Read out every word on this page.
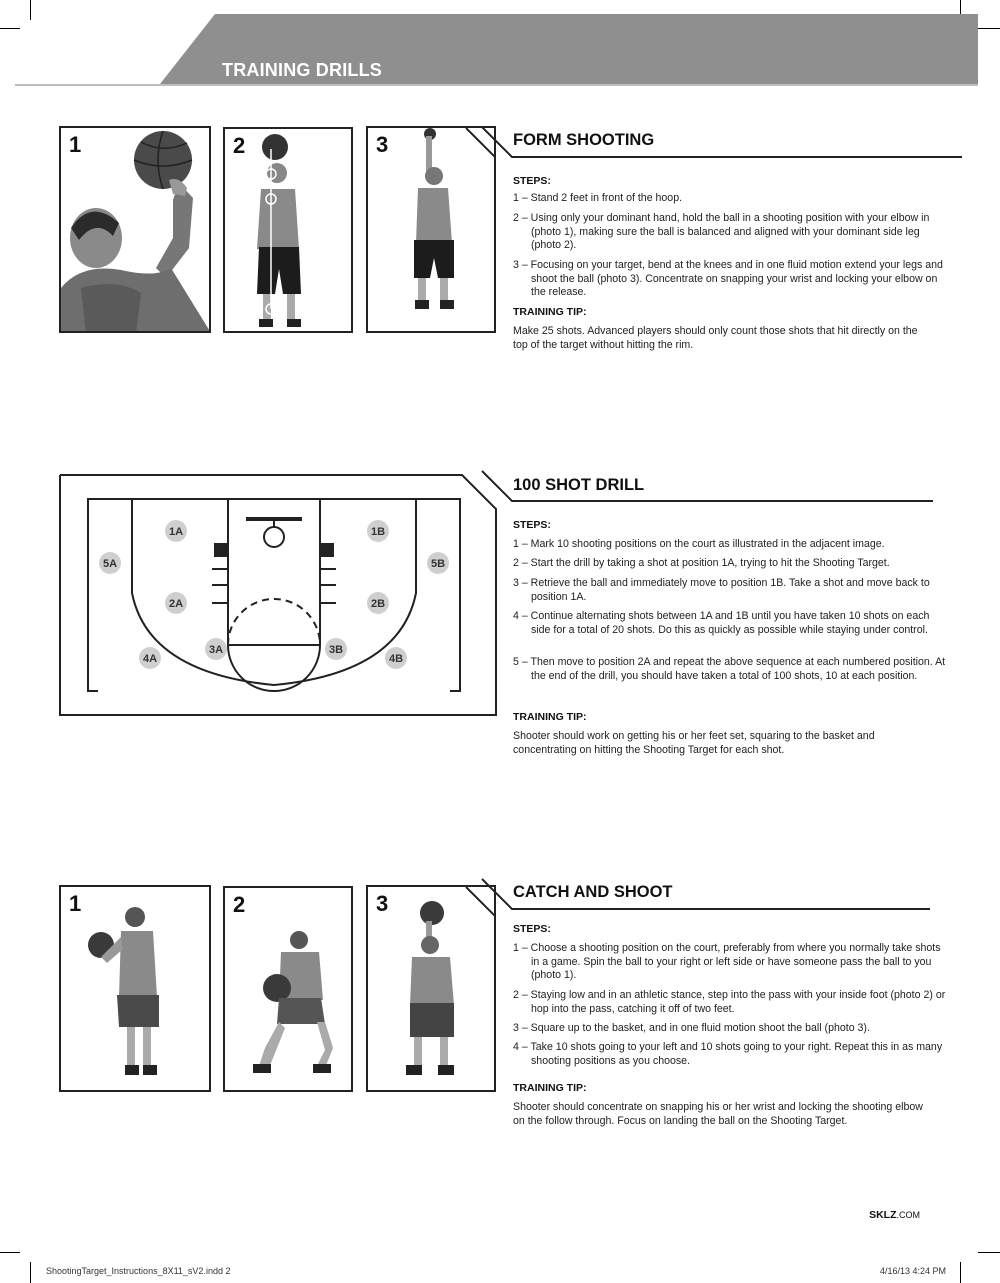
TRAINING DRILLS
1	2	3	FORM SHOOTING
STEPS:
1 – Stand 2 feet in front of the hoop.
2 – Using only your dominant hand, hold the ball in a shooting position with your elbow in (photo 1), making sure the ball is balanced and aligned with your dominant side leg (photo 2).
3 – Focusing on your target, bend at the knees and in one fluid motion extend your legs and shoot the ball (photo 3). Concentrate on snapping your wrist and locking your elbow on the release.
TRAINING TIP:
Make 25 shots. Advanced players should only count those shots that hit directly on the top of the target without hitting the rim.
1A	1B
2A	2B
3A	3B
4A	4B
5A	5B
100 SHOT DRILL
STEPS:
1 – Mark 10 shooting positions on the court as illustrated in the adjacent image.
2 – Start the drill by taking a shot at position 1A, trying to hit the Shooting Target.
3 – Retrieve the ball and immediately move to position 1B. Take a shot and move back to position 1A.
4 – Continue alternating shots between 1A and 1B until you have taken 10 shots on each side for a total of 20 shots. Do this as quickly as possible while staying under control.
5 – Then move to position 2A and repeat the above sequence at each numbered position. At the end of the drill, you should have taken a total of 100 shots, 10 at each position.
TRAINING TIP:
Shooter should work on getting his or her feet set, squaring to the basket and concentrating on hitting the Shooting Target for each shot.
1	2	3	CATCH AND SHOOT
STEPS:
1 – Choose a shooting position on the court, preferably from where you normally take shots in a game. Spin the ball to your right or left side or have someone pass the ball to you (photo 1).
2 – Staying low and in an athletic stance, step into the pass with your inside foot (photo 2) or hop into the pass, catching it off of two feet.
3 – Square up to the basket, and in one fluid motion shoot the ball (photo 3).
4 – Take 10 shots going to your left and 10 shots going to your right. Repeat this in as many shooting positions as you choose.
TRAINING TIP:
Shooter should concentrate on snapping his or her wrist and locking the shooting elbow on the follow through. Focus on landing the ball on the Shooting Target.
SKLZ.COM
ShootingTarget_Instructions_8X11_sV2.indd 2	4/16/13 4:24 PM
